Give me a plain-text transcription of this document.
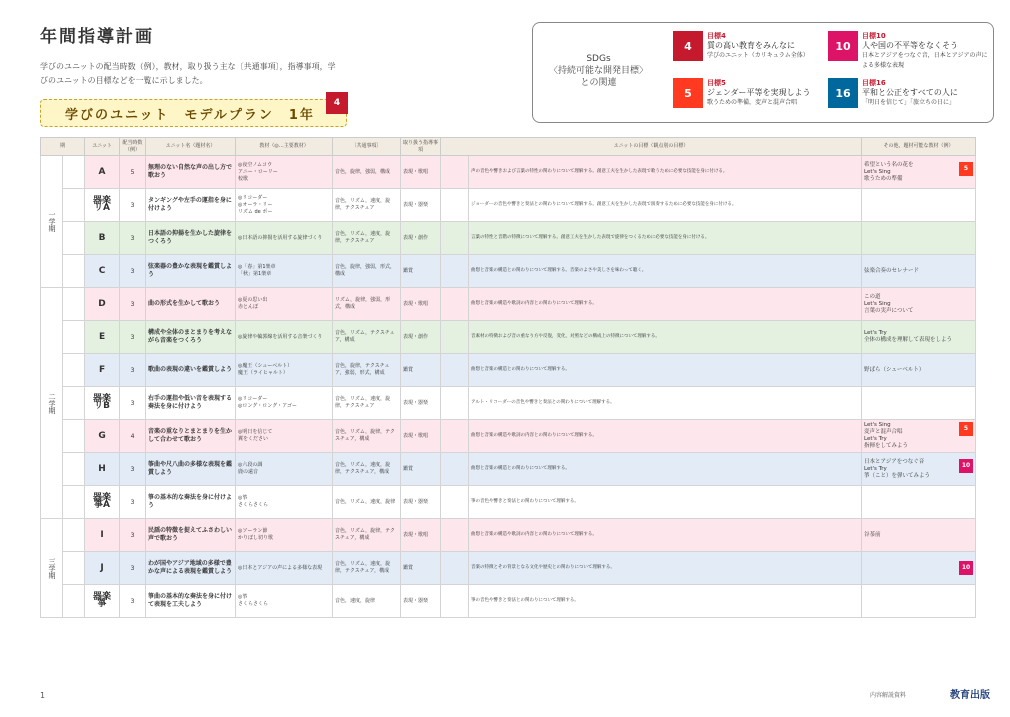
年間指導計画
学びのユニットの配当時数（例），教材，取り扱う主な〔共通事項〕，指導事項，学びのユニットの目標などを一覧に示しました。
学びのユニット　モデルプラン　1年
4
SDGs
〈持続可能な開発目標〉
との関連
4
目標4
質の高い教育をみんなに
学びのユニット（カリキュラム全体）
5
目標5
ジェンダー平等を実現しよう
歌うための準備，変声と混声合唱
10
目標10
人や国の不平等をなくそう
日本とアジアをつなぐ音，日本とアジアの声による多様な表現
16
目標16
平和と公正をすべての人に
「明日を信じて」「旅立ちの日に」
期		ユニット	配当時数（例）	ユニット名（題材名）	教材（◎…主要教材）	〔共通事項〕	取り扱う指導事項	ユニットの目標（観点別の目標）		その他，題材可能な教材（例）
一学期		A	5	無理のない自然な声の出し方で歌おう	◎夜空ノムコウ
アニー・ローリー
校歌	音色，旋律，強弱，構成	表現・歌唱		声の音色や響きおよび言葉の特性の関わりについて理解する。創意工夫を生かした表現で歌うために必要な技能を身に付ける。	5
希望という名の花を
Let's Sing
歌うための準備
		器楽 リA	3	タンギングや左手の運指を身に付けよう	◎リコーダー
◎オーラ・リー
リズム de ポー	音色，リズム，速度，旋律，テクスチュア	表現・器楽		ジョーダーの音色や響きと奏法との関わりについて理解する。創意工夫を生かした表現で演奏するために必要な技能を身に付ける。	
		B	3	日本語の抑揚を生かした旋律をつくろう	◎日本語の抑揚を活用する旋律づくり	音色，リズム，速度，旋律，テクスチュア	表現・創作		言葉の特性と音階の特徴について理解する。創意工夫を生かした表現で旋律をつくるために必要な技能を身に付ける。	
		C	3	弦楽器の豊かな表現を鑑賞しよう	◎「春」第1楽章
「秋」第1楽章	音色，旋律，強弱，形式，構成	鑑賞		曲想と音楽の構造との関わりについて理解する。音楽のよさや美しさを味わって聴く。	弦楽合奏のセレナード
二学期		D	3	曲の形式を生かして歌おう	◎夏の思い出
赤とんぼ	リズム，旋律，強弱，形式，構成	表現・歌唱		曲想と音楽の構造や歌詞の内容との関わりについて理解する。	この道
Let's Sing
言葉の実声について
		E	3	構成や全体のまとまりを考えながら音楽をつくろう	◎旋律や輪郭線を活用する音楽づくり	音色，リズム，テクスチュア，構成	表現・創作		音素材の特徴および音の重なり方や反復，変化，対照などの構成上の特徴について理解する。	Let's Try
全体の構成を理解して表現をしよう
		F	3	歌曲の表現の違いを鑑賞しよう	◎魔王（シューベルト）
魔王（ライヒャルト）	音色，旋律，テクスチュア，強弱，形式，構成	鑑賞		曲想と音楽の構造との関わりについて理解する。	野ばら（シューベルト）
		器楽 リB	3	右手の運指や低い音を表現する奏法を身に付けよう	◎リコーダー
◎ロング・ロング・アゴー	音色，リズム，速度，旋律，テクスチュア	表現・器楽		アルト・リコーダーの音色や響きと奏法との関わりについて理解する。	
		G	4	音楽の重なりとまとまりを生かして合わせて歌おう	◎明日を信じて
翼をください	音色，リズム，旋律，テクスチュア，構成	表現・歌唱		曲想と音楽の構造や歌詞の内容との関わりについて理解する。	5
Let's Sing
変声と混声合唱
Let's Try
指揮をしてみよう
		H	3	筝曲や尺八曲の多様な表現を鑑賞しよう	◎六段の調
鹿の遠音	音色，リズム，速度，旋律，テクスチュア，構成	鑑賞		曲想と音楽の構造との関わりについて理解する。	10
日本とアジアをつなぐ音
Let's Try
箏（こと）を弾いてみよう
		器楽 箏A	3	箏の基本的な奏法を身に付けよう	◎箏
さくらさくら	音色，リズム，速度，旋律	表現・器楽		箏の音色や響きと奏法との関わりについて理解する。	
三学期		I	3	民謡の特徴を捉えてふさわしい声で歌おう	◎ソーラン節
かりぼし切り歌	音色，リズム，旋律，テクスチュア，構成	表現・歌唱		曲想と音楽の構造や歌詞の内容との関わりについて理解する。	谷茶前
		J	3	わが国やアジア地域の多様で豊かな声による表現を鑑賞しよう	◎日本とアジアの声による多様な表現	音色，リズム，速度，旋律，テクスチュア，構成	鑑賞		音楽の特徴とその背景となる文化や歴史との関わりについて理解する。	10

		器楽 箏	3	箏曲の基本的な奏法を身に付けて表現を工夫しよう	◎箏
さくらさくら	音色，速度，旋律	表現・器楽		箏の音色や響きと奏法との関わりについて理解する。	
1	内容解説資料	教育出版
